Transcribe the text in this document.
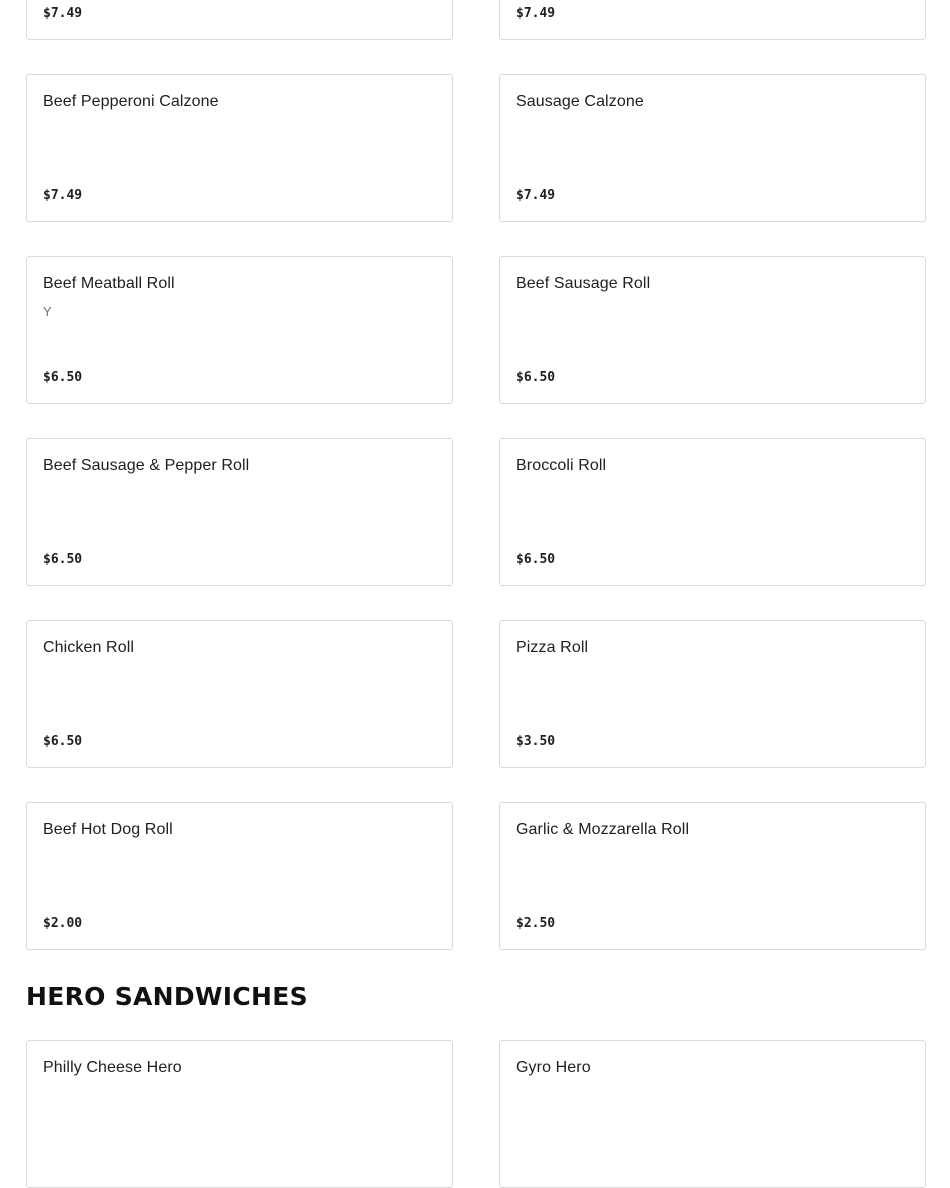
$7.49	$7.49
Beef Pepperoni Calzone
$7.49
Sausage Calzone
$7.49
Beef Meatball Roll
Y
$6.50
Beef Sausage Roll
$6.50
Beef Sausage & Pepper Roll
$6.50
Broccoli Roll
$6.50
Chicken Roll
$6.50
Pizza Roll
$3.50
Beef Hot Dog Roll
$2.00
Garlic & Mozzarella Roll
$2.50
HERO SANDWICHES
Philly Cheese Hero	Gyro Hero
